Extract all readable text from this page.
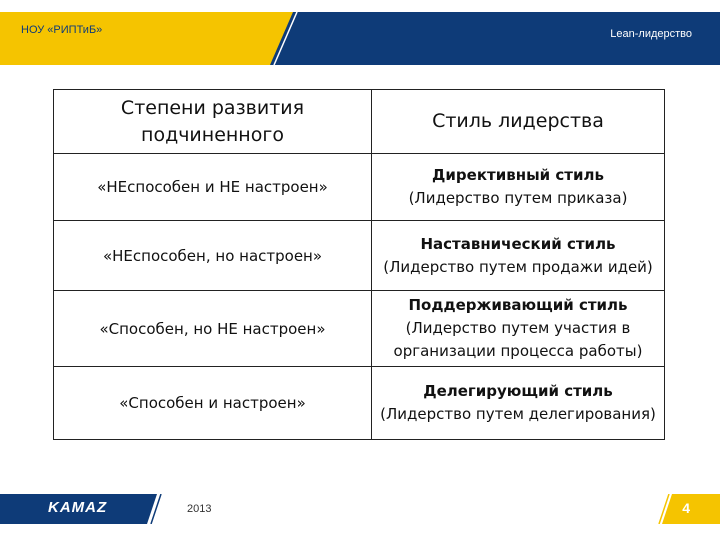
НОУ «РИПТиБ»	Lean-лидерство
Степени развития подчиненного	Стиль лидерства
«НЕспособен и НЕ настроен»	Директивный стиль
(Лидерство путем приказа)

«НЕспособен, но настроен»	Наставнический стиль
(Лидерство путем продажи идей)

«Способен, но НЕ настроен»	Поддерживающий стиль
(Лидерство путем участия в организации процесса работы)

«Способен и настроен»	Делегирующий стиль
(Лидерство путем делегирования)
KAMAZ	2013	4
